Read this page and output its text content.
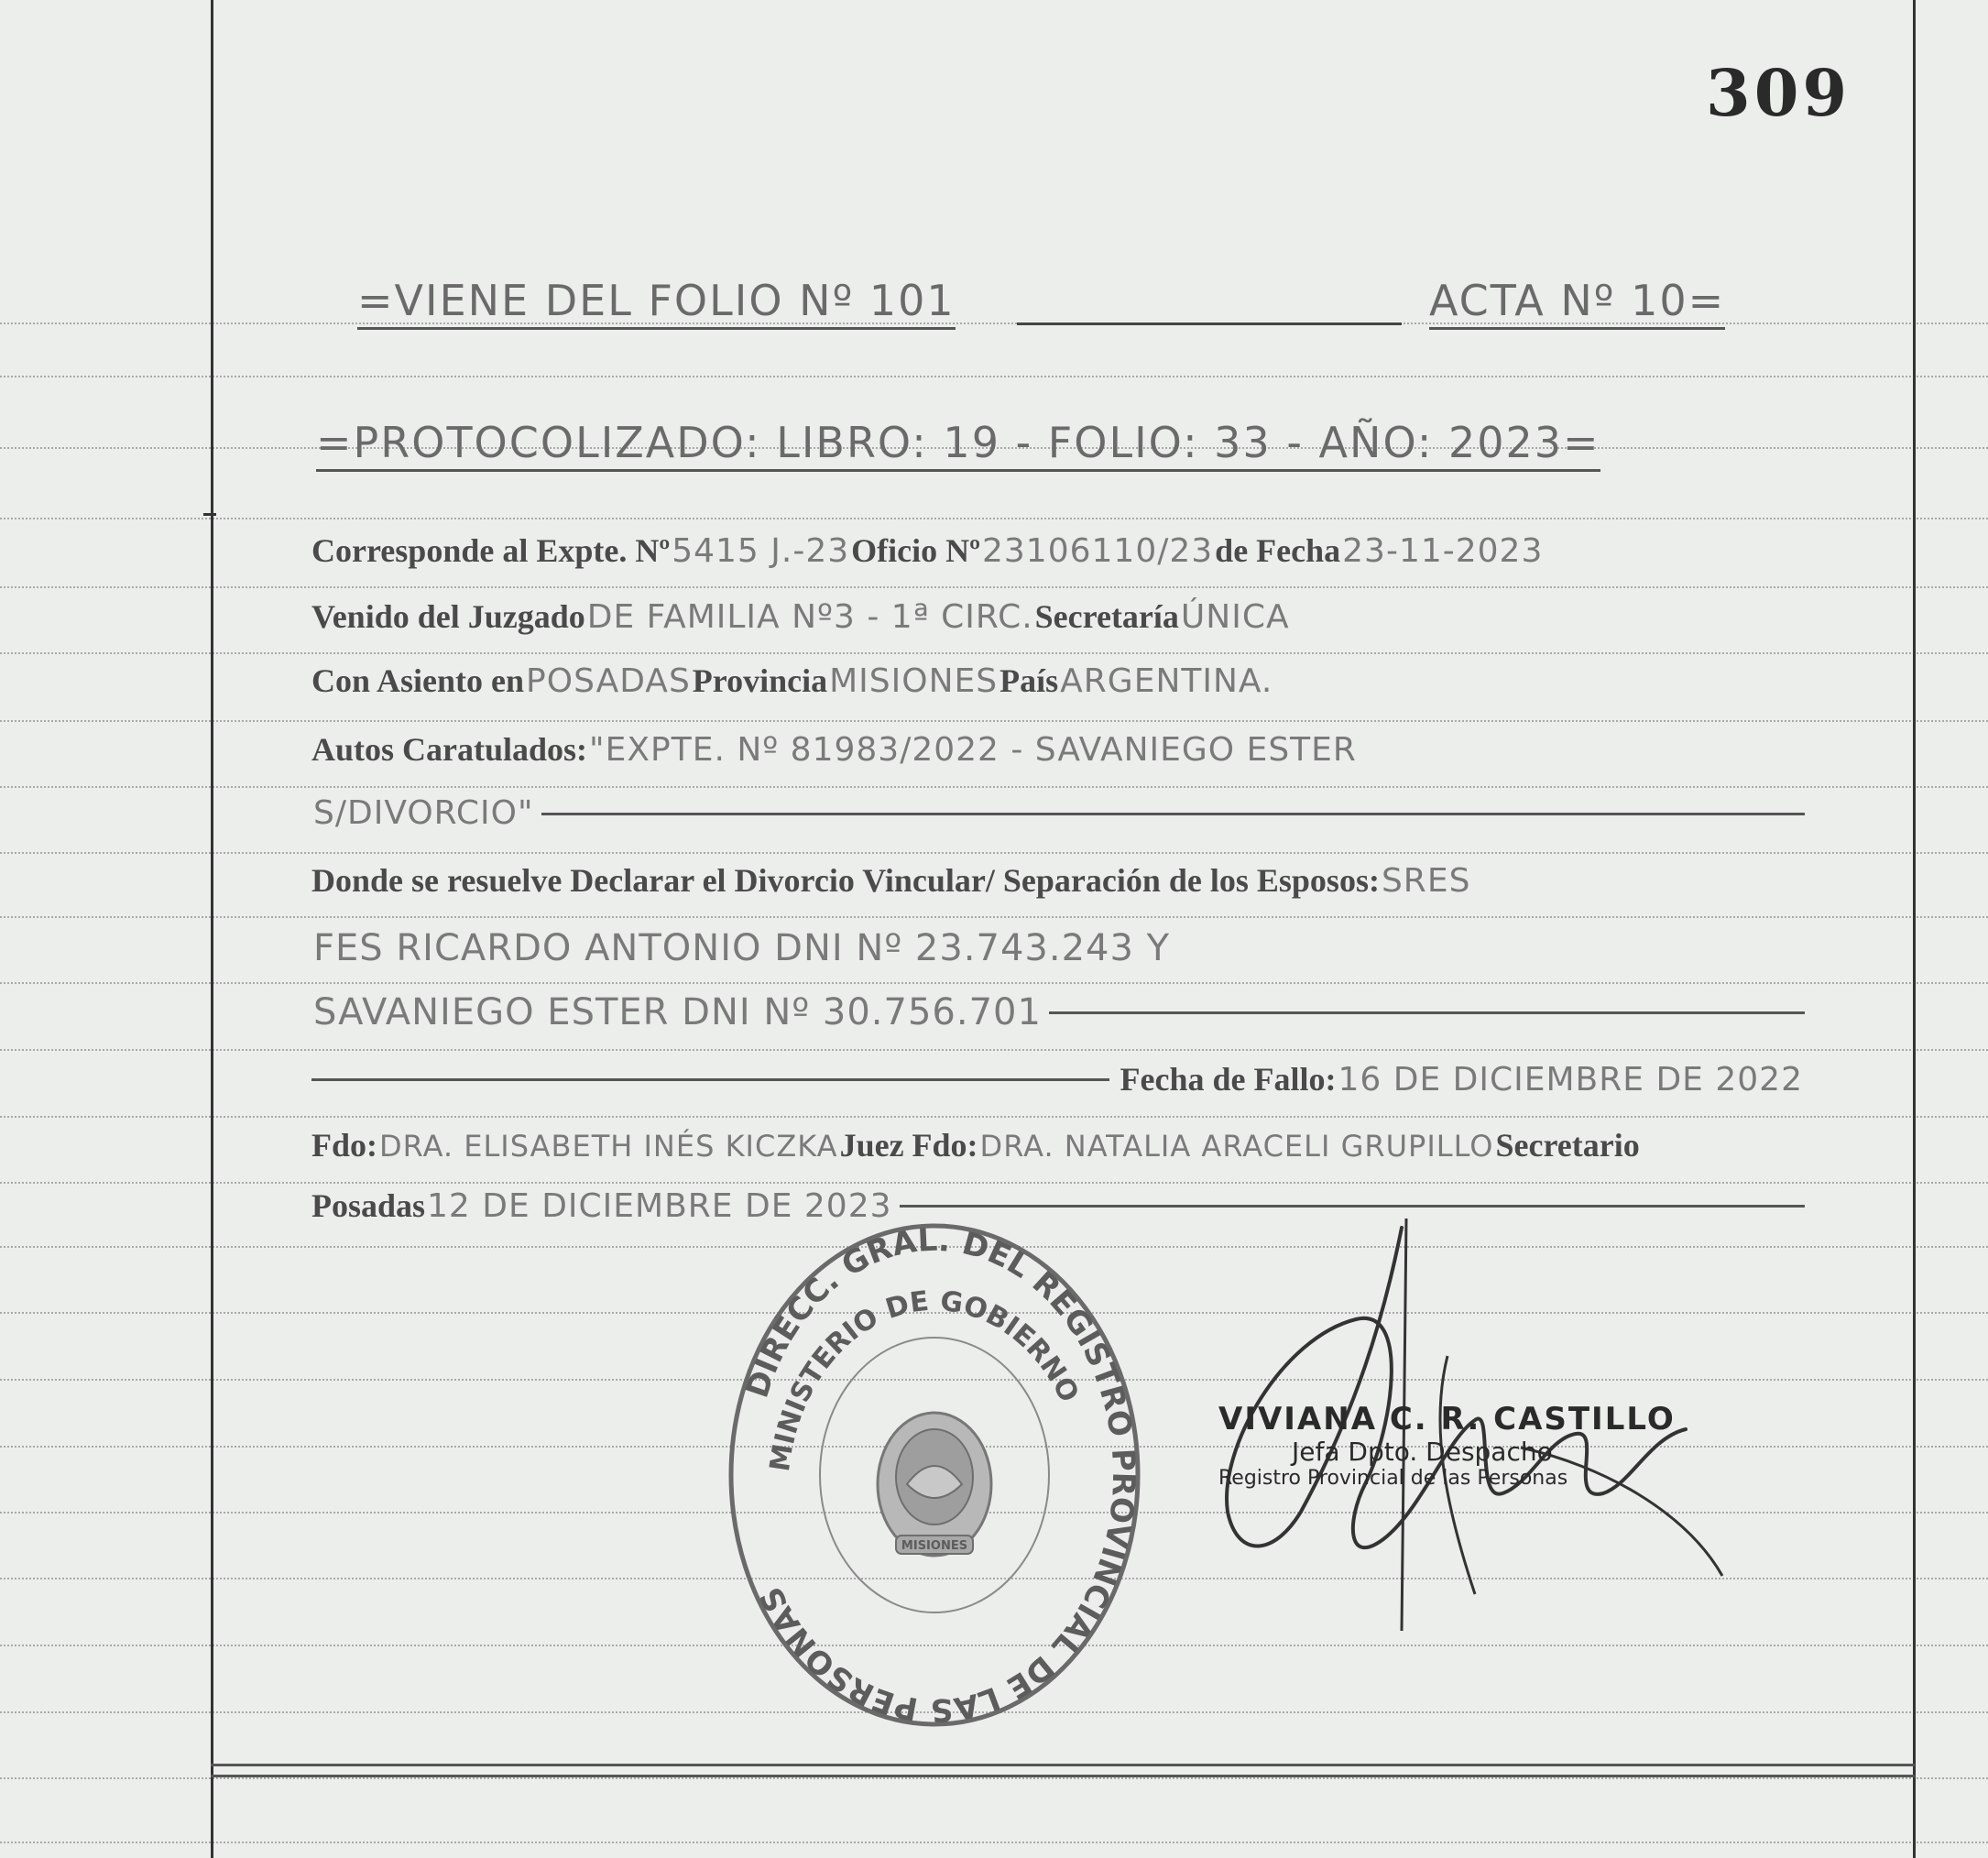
309
=VIENE DEL FOLIO Nº 101	ACTA Nº 10=
=PROTOCOLIZADO: LIBRO: 19 - FOLIO: 33 - AÑO: 2023=
Corresponde al Expte. Nº 5415 J.-23 Oficio Nº 23106110/23 de Fecha 23-11-2023
Venido del Juzgado DE FAMILIA Nº3 - 1ª CIRC. Secretaría ÚNICA
Con Asiento en POSADAS Provincia MISIONES País ARGENTINA.
Autos Caratulados: "EXPTE. Nº 81983/2022 - SAVANIEGO ESTER
S/DIVORCIO"
Donde se resuelve Declarar el Divorcio Vincular/ Separación de los Esposos: SRES
FES RICARDO ANTONIO DNI Nº 23.743.243 Y
SAVANIEGO ESTER DNI Nº 30.756.701
Fecha de Fallo: 16 DE DICIEMBRE DE 2022
Fdo: DRA. ELISABETH INÉS KICZKA Juez Fdo: DRA. NATALIA ARACELI GRUPILLO Secretario
Posadas 12 DE DICIEMBRE DE 2023
DIRECC. GRAL. DEL REGISTRO PROVINCIAL DE LAS PERSONAS
MINISTERIO DE GOBIERNO
MISIONES
VIVIANA C. R. CASTILLO
Jefa Dpto. Despacho
Registro Provincial de las Personas
